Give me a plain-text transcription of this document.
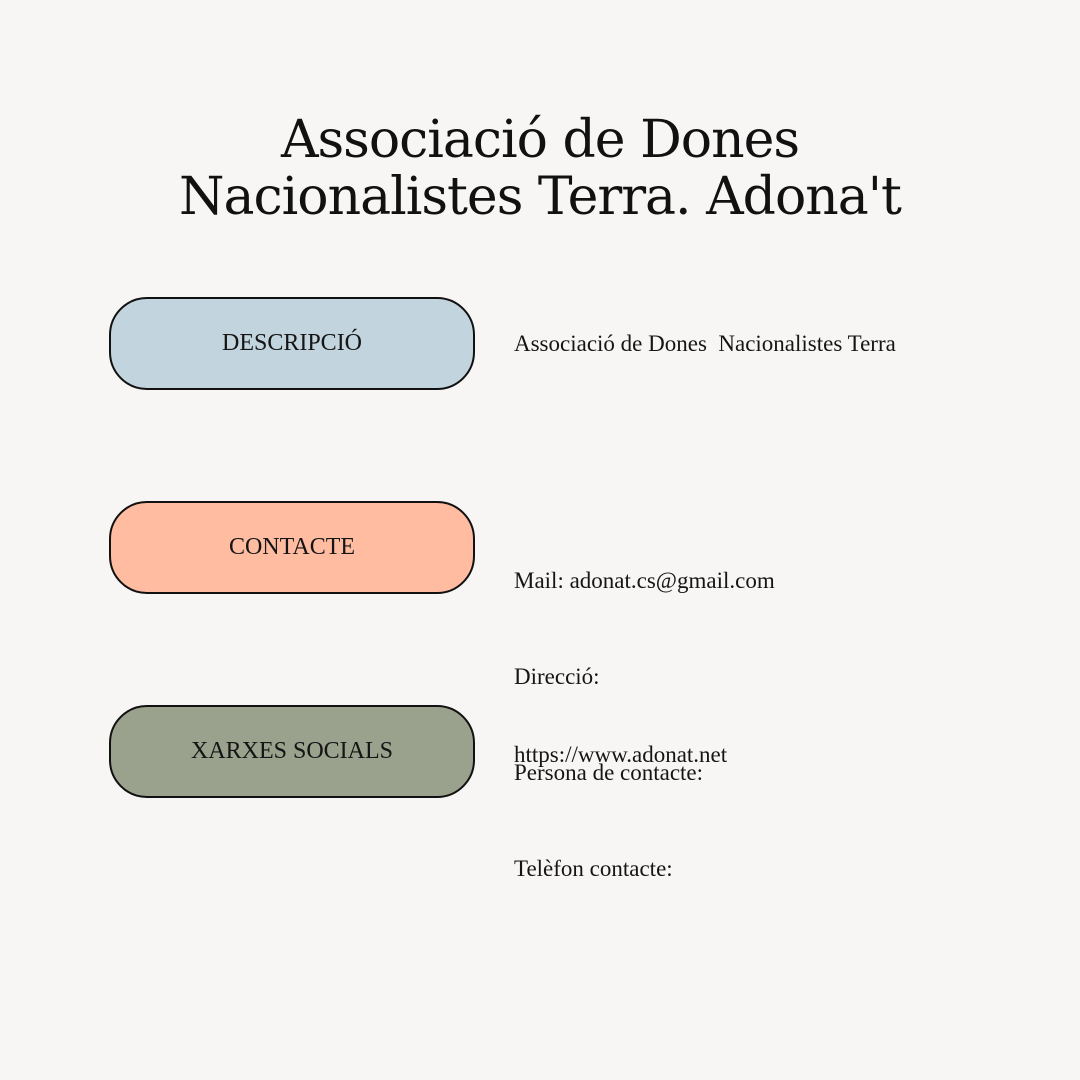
Associació de Dones
Nacionalistes Terra. Adona't
DESCRIPCIÓ	Associació de Dones  Nacionalistes Terra
CONTACTE

Mail: adonat.cs@gmail.com

Direcció:

Persona de contacte:

Telèfon contacte:

XARXES SOCIALS	https://www.adonat.net
